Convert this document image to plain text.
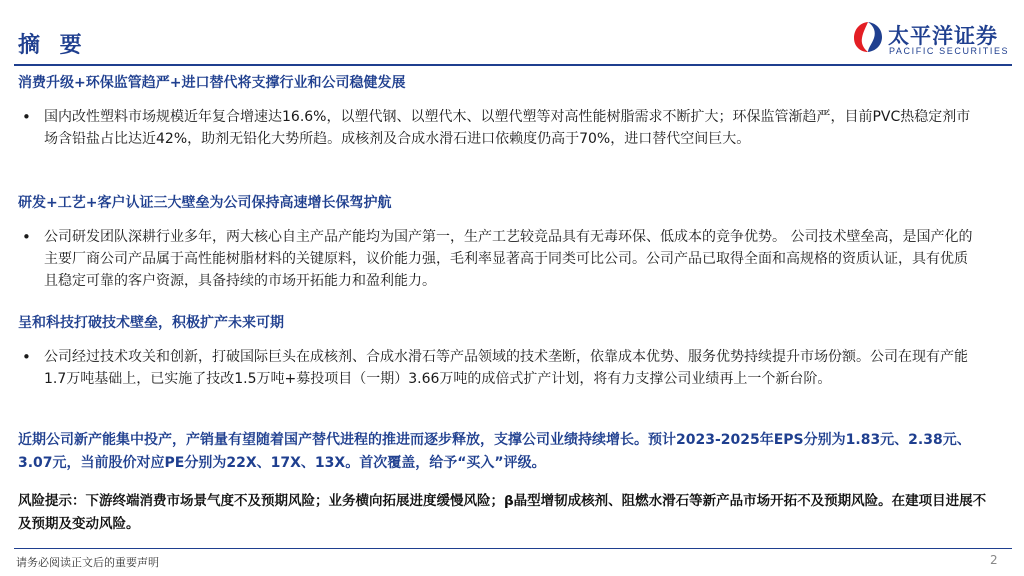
摘 要	太平洋证券
PACIFIC SECURITIES
消费升级+环保监管趋严+进口替代将支撑行业和公司稳健发展
• 国内改性塑料市场规模近年复合增速达16.6%，以塑代钢、以塑代木、以塑代塑等对高性能树脂需求不断扩大；环保监管渐趋严，目前PVC热稳定剂市场含铅盐占比达近42%，助剂无铅化大势所趋。成核剂及合成水滑石进口依赖度仍高于70%，进口替代空间巨大。
研发+工艺+客户认证三大壁垒为公司保持高速增长保驾护航
• 公司研发团队深耕行业多年，两大核心自主产品产能均为国产第一，生产工艺较竞品具有无毒环保、低成本的竞争优势。 公司技术壁垒高，是国产化的主要厂商公司产品属于高性能树脂材料的关键原料，议价能力强，毛利率显著高于同类可比公司。公司产品已取得全面和高规格的资质认证，具有优质且稳定可靠的客户资源，具备持续的市场开拓能力和盈利能力。
呈和科技打破技术壁垒，积极扩产未来可期
• 公司经过技术攻关和创新，打破国际巨头在成核剂、合成水滑石等产品领域的技术垄断，依靠成本优势、服务优势持续提升市场份额。公司在现有产能1.7万吨基础上，已实施了技改1.5万吨+募投项目（一期）3.66万吨的成倍式扩产计划，将有力支撑公司业绩再上一个新台阶。
近期公司新产能集中投产，产销量有望随着国产替代进程的推进而逐步释放，支撑公司业绩持续增长。预计2023-2025年EPS分别为1.83元、2.38元、3.07元，当前股价对应PE分别为22X、17X、13X。首次覆盖，给予“买入”评级。
风险提示：下游终端消费市场景气度不及预期风险；业务横向拓展进度缓慢风险；β晶型增韧成核剂、阻燃水滑石等新产品市场开拓不及预期风险。在建项目进展不及预期及变动风险。
请务必阅读正文后的重要声明	2
